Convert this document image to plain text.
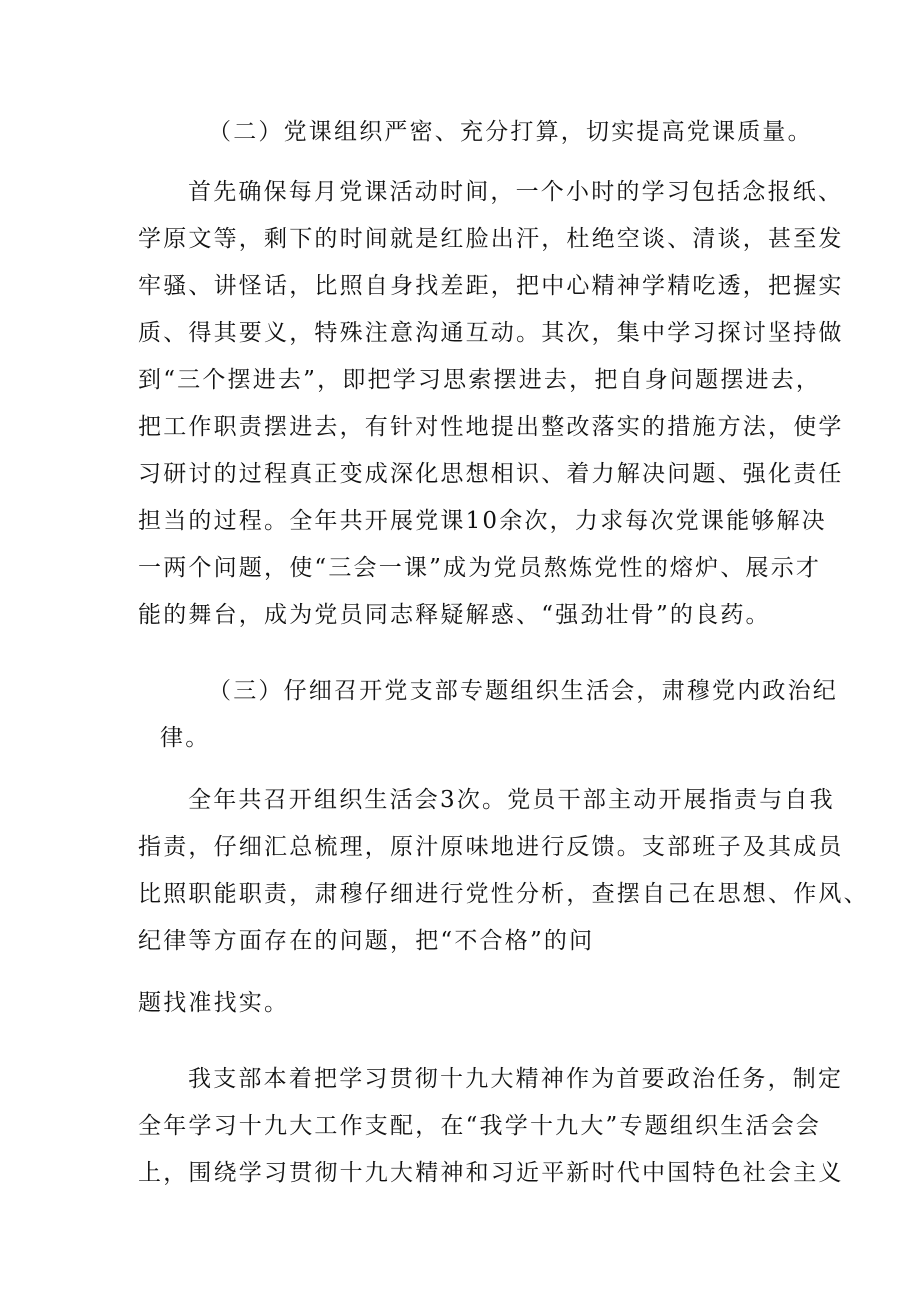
（二）党课组织严密、充分打算，切实提高党课质量。
首先确保每月党课活动时间，一个小时的学习包括念报纸、
学原文等，剩下的时间就是红脸出汗，杜绝空谈、清谈，甚至发
牢骚、讲怪话，比照自身找差距，把中心精神学精吃透，把握实
质、得其要义，特殊注意沟通互动。其次，集中学习探讨坚持做
到“三个摆进去”，即把学习思索摆进去，把自身问题摆进去，
把工作职责摆进去，有针对性地提出整改落实的措施方法，使学
习研讨的过程真正变成深化思想相识、着力解决问题、强化责任
担当的过程。全年共开展党课10余次，力求每次党课能够解决
一两个问题，使“三会一课”成为党员熬炼党性的熔炉、展示才
能的舞台，成为党员同志释疑解惑、“强劲壮骨”的良药。
（三）仔细召开党支部专题组织生活会，肃穆党内政治纪
律。
全年共召开组织生活会3次。党员干部主动开展指责与自我
指责，仔细汇总梳理，原汁原味地进行反馈。支部班子及其成员
比照职能职责，肃穆仔细进行党性分析，查摆自己在思想、作风、
纪律等方面存在的问题，把“不合格”的问
题找准找实。
我支部本着把学习贯彻十九大精神作为首要政治任务，制定
全年学习十九大工作支配，在“我学十九大”专题组织生活会会
上，围绕学习贯彻十九大精神和习近平新时代中国特色社会主义
